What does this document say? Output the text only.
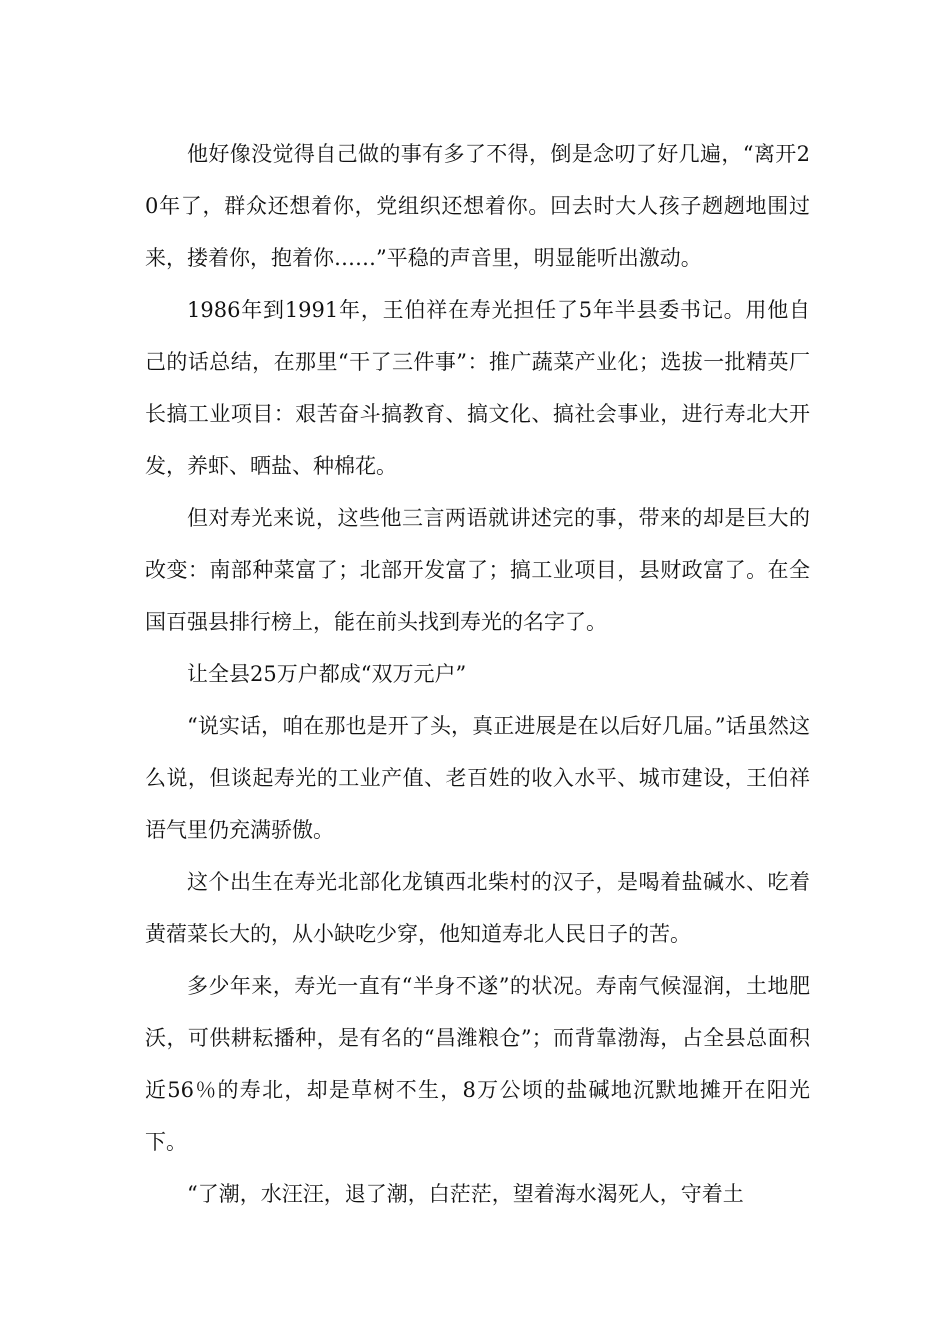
他好像没觉得自己做的事有多了不得，倒是念叨了好几遍，“离开20年了，群众还想着你，党组织还想着你。回去时大人孩子趔趔地围过来，搂着你，抱着你……”平稳的声音里，明显能听出激动。

1986年到1991年，王伯祥在寿光担任了5年半县委书记。用他自己的话总结，在那里“干了三件事”：推广蔬菜产业化；选拔一批精英厂长搞工业项目：艰苦奋斗搞教育、搞文化、搞社会事业，进行寿北大开发，养虾、晒盐、种棉花。

但对寿光来说，这些他三言两语就讲述完的事，带来的却是巨大的改变：南部种菜富了；北部开发富了；搞工业项目，县财政富了。在全国百强县排行榜上，能在前头找到寿光的名字了。

让全县25万户都成“双万元户”

“说实话，咱在那也是开了头，真正进展是在以后好几届。”话虽然这么说，但谈起寿光的工业产值、老百姓的收入水平、城市建设，王伯祥语气里仍充满骄傲。

这个出生在寿光北部化龙镇西北柴村的汉子，是喝着盐碱水、吃着黄蓿菜长大的，从小缺吃少穿，他知道寿北人民日子的苦。

多少年来，寿光一直有“半身不遂”的状况。寿南气候湿润，土地肥沃，可供耕耘播种，是有名的“昌潍粮仓”；而背靠渤海，占全县总面积近56％的寿北，却是草树不生，8万公顷的盐碱地沉默地摊开在阳光下。

“了潮，水汪汪，退了潮，白茫茫，望着海水渴死人，守着土
